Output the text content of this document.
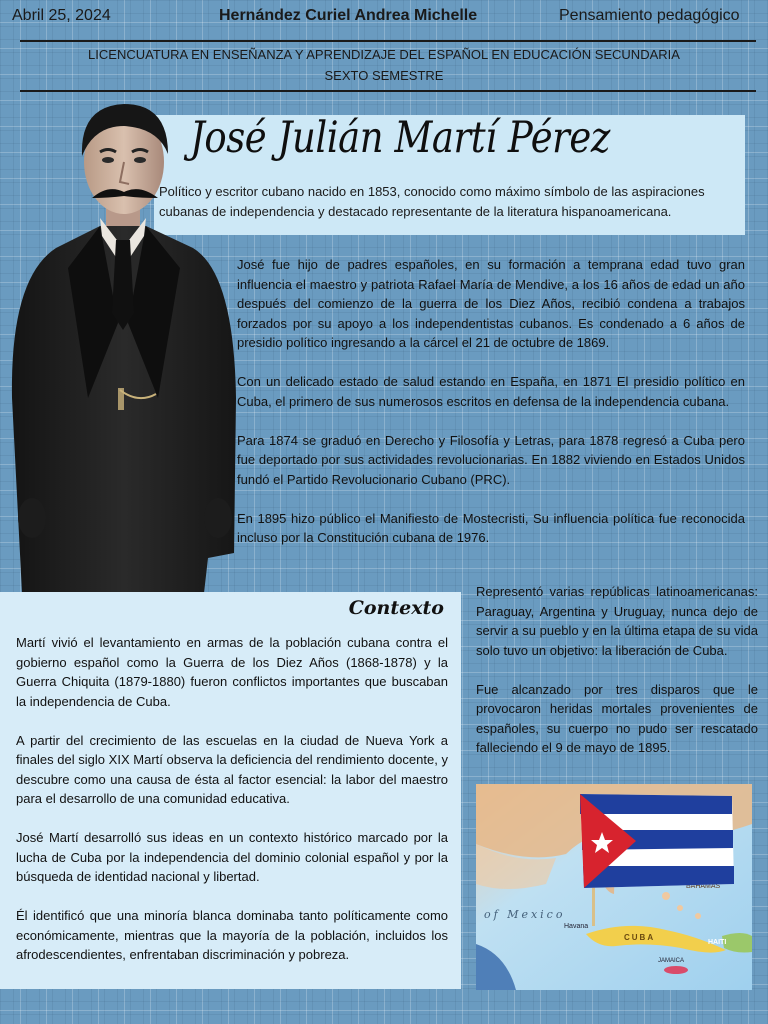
Abril 25, 2024	Hernández Curiel Andrea Michelle	Pensamiento pedagógico
LICENCUATURA EN ENSEÑANZA Y APRENDIZAJE DEL ESPAÑOL EN EDUCACIÓN SECUNDARIA
SEXTO SEMESTRE
José Julián Martí Pérez
Político y escritor cubano nacido en 1853, conocido como máximo símbolo de las aspiraciones cubanas de independencia y destacado representante de la literatura hispanoamericana.

José fue hijo de padres españoles, en su formación a temprana edad tuvo gran influencia el maestro y patriota Rafael María de Mendive, a los 16 años de edad un año después del comienzo de la guerra de los Diez Años, recibió condena a trabajos forzados por su apoyo a los independentistas cubanos. Es condenado a 6 años de presidio político ingresando a la cárcel el 21 de octubre de 1869.

Con un delicado estado de salud estando en España, en 1871 El presidio político en Cuba, el primero de sus numerosos escritos en defensa de la independencia cubana.

Para 1874 se graduó en Derecho y Filosofía y Letras, para 1878 regresó a Cuba pero fue deportado por sus actividades revolucionarias. En 1882 viviendo en Estados Unidos fundó el Partido Revolucionario Cubano (PRC).

En 1895 hizo público el Manifiesto de Mostecristi, Su influencia política fue reconocida incluso por la Constitución cubana de 1976.

Contexto

Martí vivió el levantamiento en armas de la población cubana contra el gobierno español como la Guerra de los Diez Años (1868-1878) y la Guerra Chiquita (1879-1880) fueron conflictos importantes que buscaban la independencia de Cuba.

A partir del crecimiento de las escuelas en la ciudad de Nueva York a finales del siglo XIX Martí observa la deficiencia del rendimiento docente, y descubre como una causa de ésta al factor esencial: la labor del maestro para el desarrollo de una comunidad educativa.

José Martí desarrolló sus ideas en un contexto histórico marcado por la lucha de Cuba por la independencia del dominio colonial español y por la búsqueda de identidad nacional y libertad.

Él identificó que una minoría blanca dominaba tanto políticamente como económicamente, mientras que la mayoría de la población, incluidos los afrodescendientes, enfrentaban discriminación y pobreza.

Representó varias repúblicas latinoamericanas: Paraguay, Argentina y Uruguay, nunca dejo de servir a su pueblo y en la última etapa de su vida solo tuvo un objetivo: la liberación de Cuba.

Fue alcanzado por tres disparos que le provocaron heridas mortales provenientes de españoles, su cuerpo no pudo ser rescatado falleciendo el 9 de mayo de 1895.

of Mexico
CUBA
Havana
BAHAMAS
HAITI
JAMAICA
